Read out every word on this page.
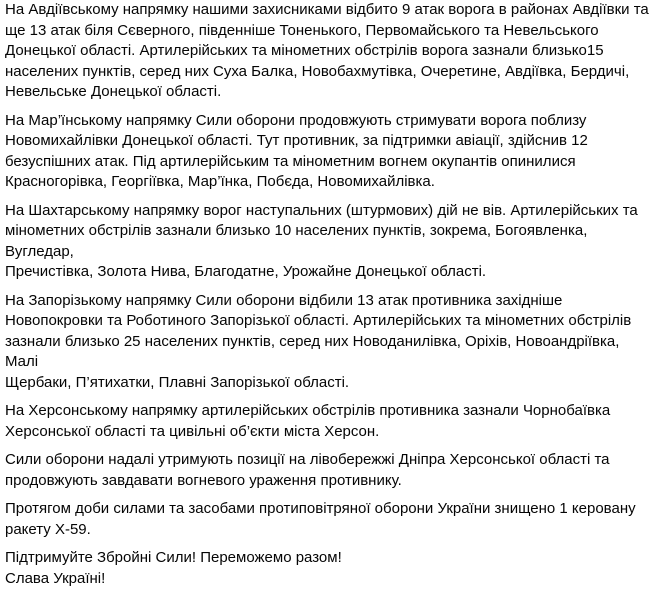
На Авдіївському напрямку нашими захисниками відбито 9 атак ворога в районах Авдіївки та
ще 13 атак біля Сєверного, південніше Тоненького, Первомайського та Невельського
Донецької області. Артилерійських та мінометних обстрілів ворога зазнали близько15
населених пунктів, серед них Суха Балка, Новобахмутівка, Очеретине, Авдіївка, Бердичі,
Невельське Донецької області.

На Мар’їнському напрямку Сили оборони продовжують стримувати ворога поблизу
Новомихайлівки Донецької області. Тут противник, за підтримки авіації, здійснив 12
безуспішних атак. Під артилерійським та мінометним вогнем окупантів опинилися
Красногорівка, Георгіївка, Мар’їнка, Побєда, Новомихайлівка.

На Шахтарському напрямку ворог наступальних (штурмових) дій не вів. Артилерійських та
мінометних обстрілів зазнали близько 10 населених пунктів, зокрема, Богоявленка, Вугледар,
Пречистівка, Золота Нива, Благодатне, Урожайне Донецької області.

На Запорізькому напрямку Сили оборони відбили 13 атак противника західніше
Новопокровки та Роботиного Запорізької області. Артилерійських та мінометних обстрілів
зазнали близько 25 населених пунктів, серед них Новоданилівка, Оріхів, Новоандріївка, Малі
Щербаки, П’ятихатки, Плавні Запорізької області.

На Херсонському напрямку артилерійських обстрілів противника зазнали Чорнобаївка
Херсонської області та цивільні об’єкти міста Херсон.

Сили оборони надалі утримують позиції на лівобережжі Дніпра Херсонської області та
продовжують завдавати вогневого ураження противнику.

Протягом доби силами та засобами протиповітряної оборони України знищено 1 керовану
ракету Х-59.

Підтримуйте Збройні Сили! Переможемо разом!
Слава Україні!
